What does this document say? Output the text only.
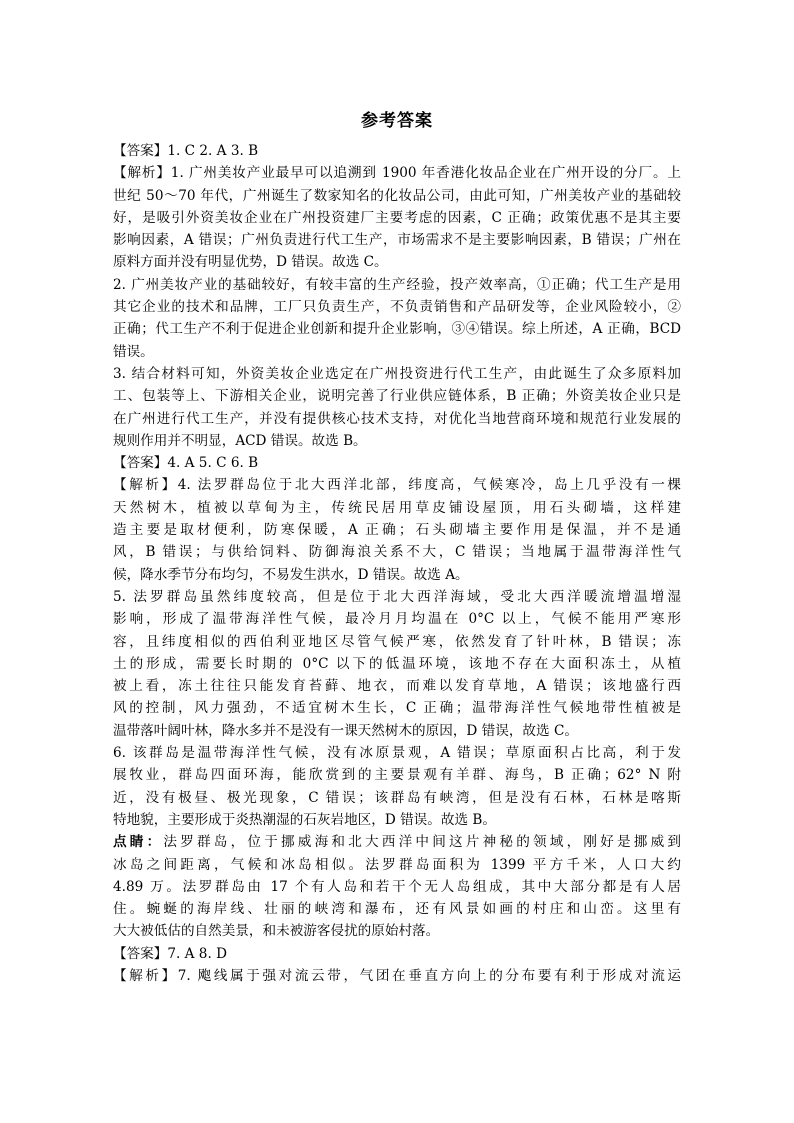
参考答案
【答案】1. C 2. A 3. B
【解析】1. 广州美妆产业最早可以追溯到 1900 年香港化妆品企业在广州开设的分厂。上
世纪 50～70 年代，广州诞生了数家知名的化妆品公司，由此可知，广州美妆产业的基础较
好，是吸引外资美妆企业在广州投资建厂主要考虑的因素，C 正确；政策优惠不是其主要
影响因素，A 错误；广州负责进行代工生产，市场需求不是主要影响因素，B 错误；广州在
原料方面并没有明显优势，D 错误。故选 C。
2. 广州美妆产业的基础较好，有较丰富的生产经验，投产效率高，①正确；代工生产是用
其它企业的技术和品牌，工厂只负责生产，不负责销售和产品研发等，企业风险较小，②
正确；代工生产不利于促进企业创新和提升企业影响，③④错误。综上所述，A 正确，BCD
错误。
3. 结合材料可知，外资美妆企业选定在广州投资进行代工生产，由此诞生了众多原料加
工、包装等上、下游相关企业，说明完善了行业供应链体系，B 正确；外资美妆企业只是
在广州进行代工生产，并没有提供核心技术支持，对优化当地营商环境和规范行业发展的
规则作用并不明显，ACD 错误。故选 B。
【答案】4. A 5. C 6. B
【解析】4. 法罗群岛位于北大西洋北部，纬度高，气候寒冷，岛上几乎没有一棵
天然树木，植被以草甸为主，传统民居用草皮铺设屋顶，用石头砌墙，这样建
造主要是取材便利，防寒保暖，A 正确；石头砌墙主要作用是保温，并不是通
风，B 错误；与供给饲料、防御海浪关系不大，C 错误；当地属于温带海洋性气
候，降水季节分布均匀，不易发生洪水，D 错误。故选 A。
5. 法罗群岛虽然纬度较高，但是位于北大西洋海域，受北大西洋暖流增温增湿
影响，形成了温带海洋性气候，最冷月月均温在 0°C 以上，气候不能用严寒形
容，且纬度相似的西伯利亚地区尽管气候严寒，依然发育了针叶林，B 错误；冻
土的形成，需要长时期的 0°C 以下的低温环境，该地不存在大面积冻土，从植
被上看，冻土往往只能发育苔藓、地衣，而难以发育草地，A 错误；该地盛行西
风的控制，风力强劲，不适宜树木生长，C 正确；温带海洋性气候地带性植被是
温带落叶阔叶林，降水多并不是没有一课天然树木的原因，D 错误，故选 C。
6. 该群岛是温带海洋性气候，没有冰原景观，A 错误；草原面积占比高，利于发
展牧业，群岛四面环海，能欣赏到的主要景观有羊群、海鸟，B 正确；62° N 附
近，没有极昼、极光现象，C 错误；该群岛有峡湾，但是没有石林，石林是喀斯
特地貌，主要形成于炎热潮湿的石灰岩地区，D 错误。故选 B。
点睛：法罗群岛，位于挪威海和北大西洋中间这片神秘的领域，刚好是挪威到
冰岛之间距离，气候和冰岛相似。法罗群岛面积为 1399 平方千米，人口大约
4.89 万。法罗群岛由 17 个有人岛和若干个无人岛组成，其中大部分都是有人居
住。蜿蜒的海岸线、壮丽的峡湾和瀑布，还有风景如画的村庄和山峦。这里有
大大被低估的自然美景，和未被游客侵扰的原始村落。
【答案】7. A 8. D
【解析】7. 飑线属于强对流云带，气团在垂直方向上的分布要有利于形成对流运
